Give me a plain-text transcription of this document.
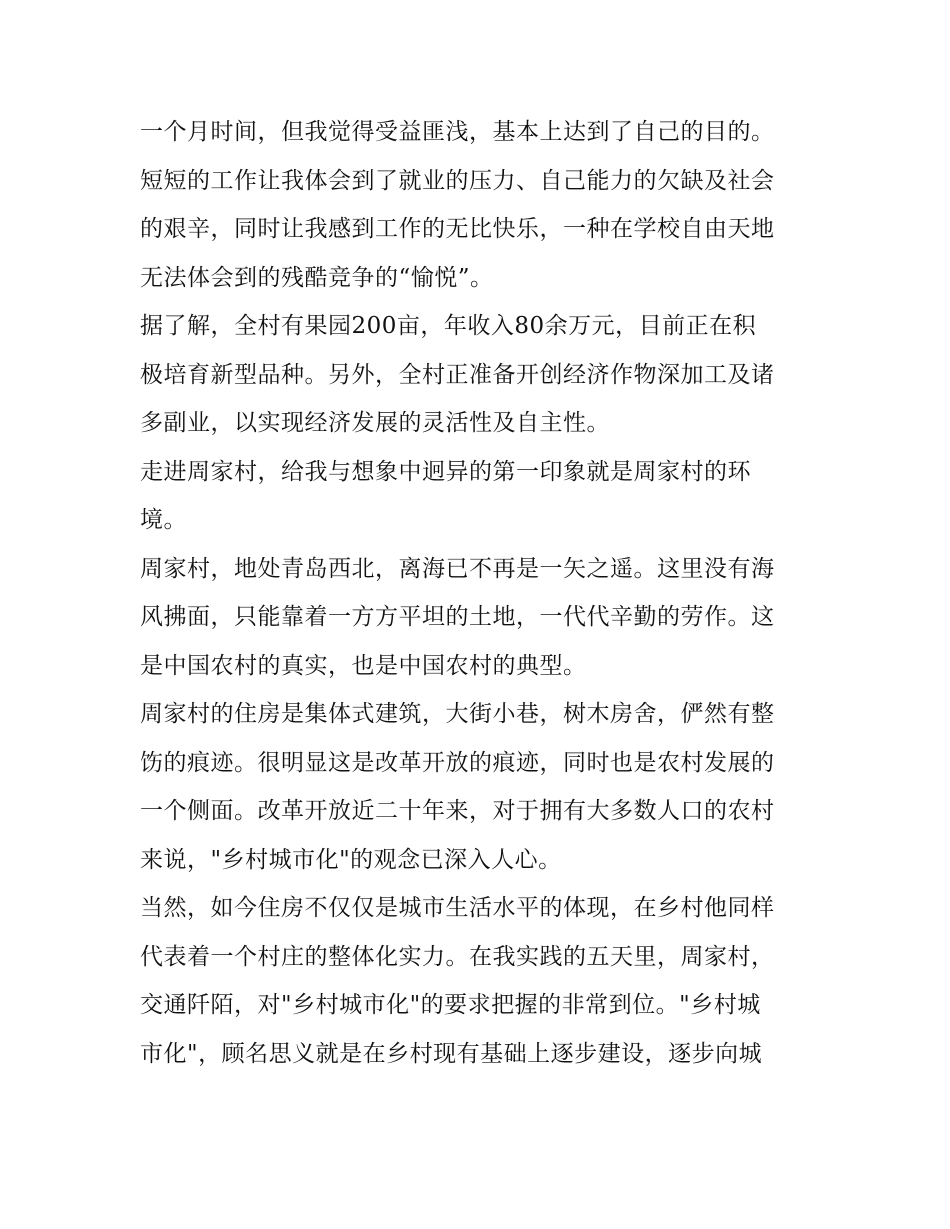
一个月时间，但我觉得受益匪浅，基本上达到了自己的目的。
短短的工作让我体会到了就业的压力、自己能力的欠缺及社会
的艰辛，同时让我感到工作的无比快乐，一种在学校自由天地
无法体会到的残酷竞争的“愉悦”。
据了解，全村有果园200亩，年收入80余万元，目前正在积
极培育新型品种。另外，全村正准备开创经济作物深加工及诸
多副业，以实现经济发展的灵活性及自主性。
走进周家村，给我与想象中迥异的第一印象就是周家村的环
境。
周家村，地处青岛西北，离海已不再是一矢之遥。这里没有海
风拂面，只能靠着一方方平坦的土地，一代代辛勤的劳作。这
是中国农村的真实，也是中国农村的典型。
周家村的住房是集体式建筑，大街小巷，树木房舍，俨然有整
饬的痕迹。很明显这是改革开放的痕迹，同时也是农村发展的
一个侧面。改革开放近二十年来，对于拥有大多数人口的农村
来说，"乡村城市化"的观念已深入人心。
当然，如今住房不仅仅是城市生活水平的体现，在乡村他同样
代表着一个村庄的整体化实力。在我实践的五天里，周家村，
交通阡陌，对"乡村城市化"的要求把握的非常到位。"乡村城
市化"，顾名思义就是在乡村现有基础上逐步建设，逐步向城
